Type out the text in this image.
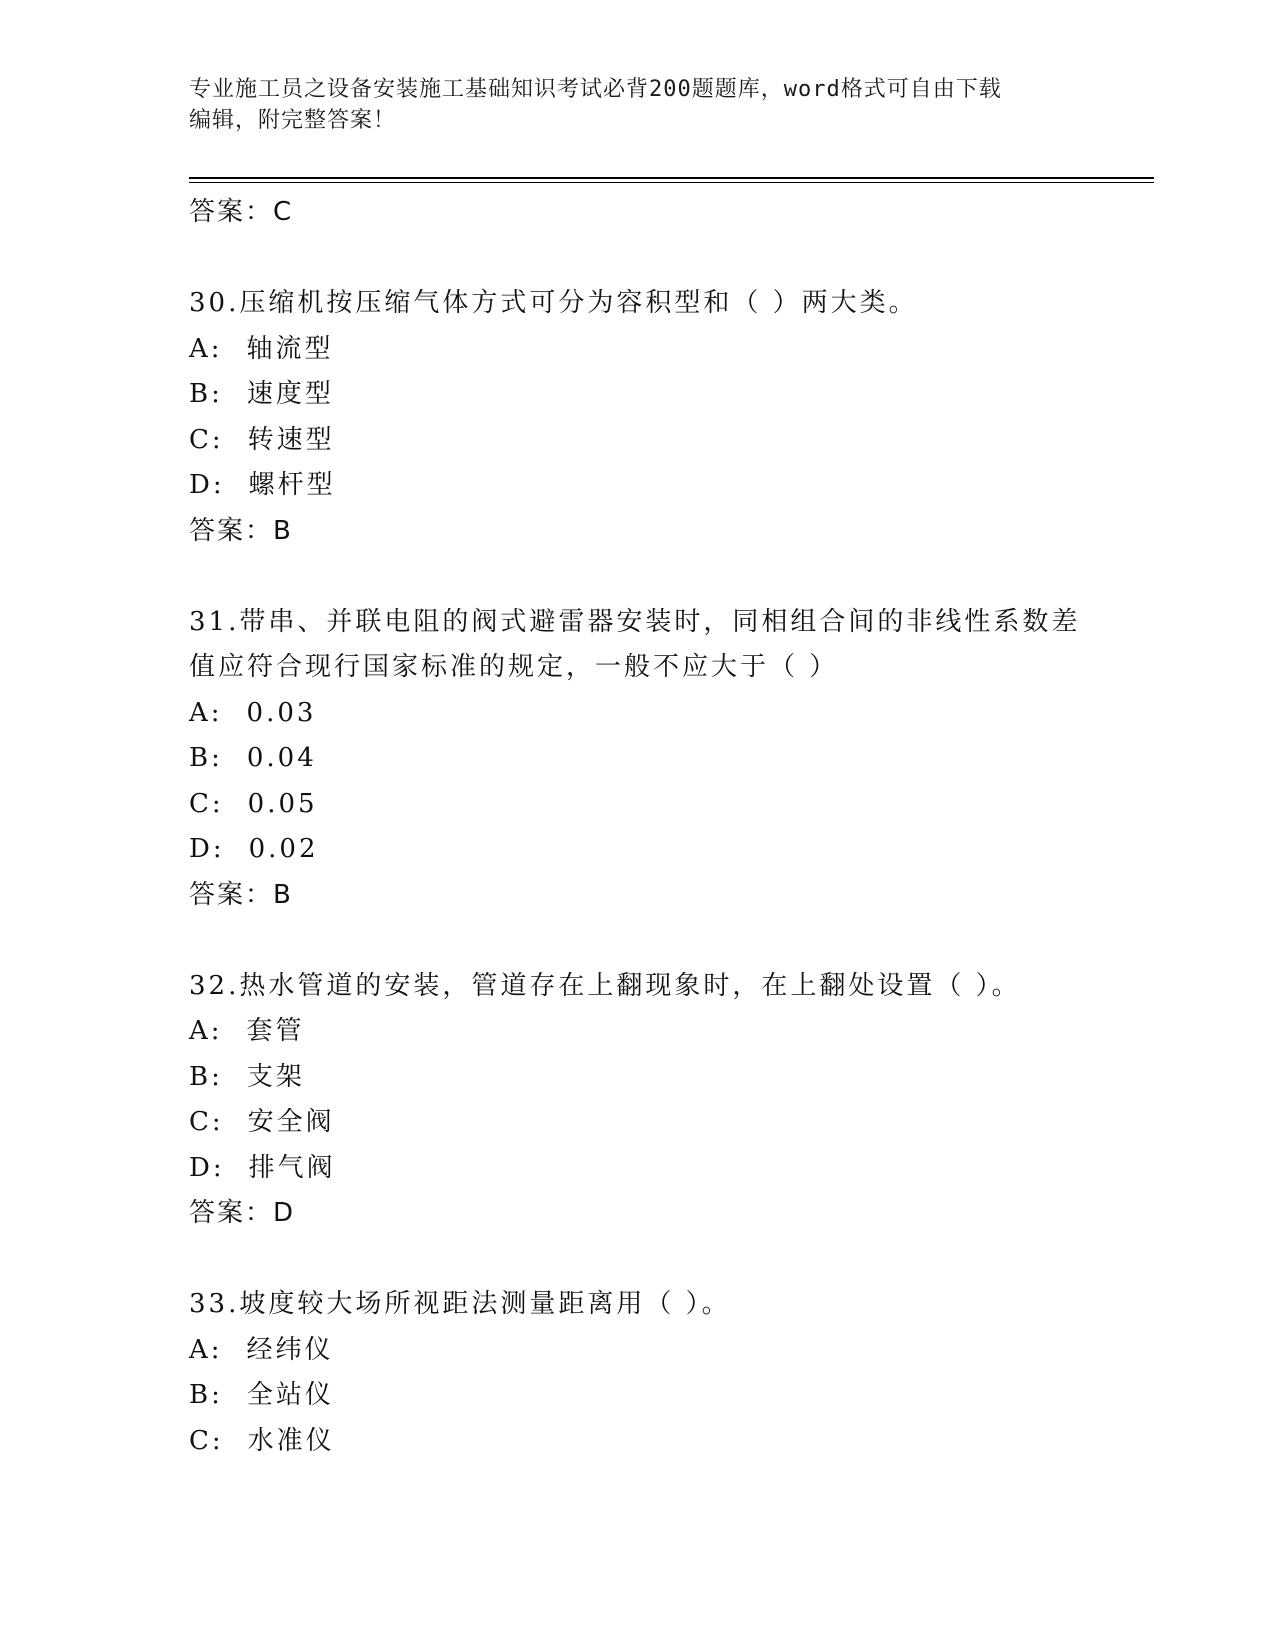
专业施工员之设备安装施工基础知识考试必背200题题库，word格式可自由下载
编辑，附完整答案！
答案：C
30.压缩机按压缩气体方式可分为容积型和（ ）两大类。
A: 轴流型
B: 速度型
C: 转速型
D: 螺杆型
答案：B
31.带串、并联电阻的阀式避雷器安装时，同相组合间的非线性系数差
值应符合现行国家标准的规定，一般不应大于（ ）
A: 0.03
B: 0.04
C: 0.05
D: 0.02
答案：B
32.热水管道的安装，管道存在上翻现象时，在上翻处设置（ ）。
A: 套管
B: 支架
C: 安全阀
D: 排气阀
答案：D
33.坡度较大场所视距法测量距离用（ ）。
A: 经纬仪
B: 全站仪
C: 水准仪
